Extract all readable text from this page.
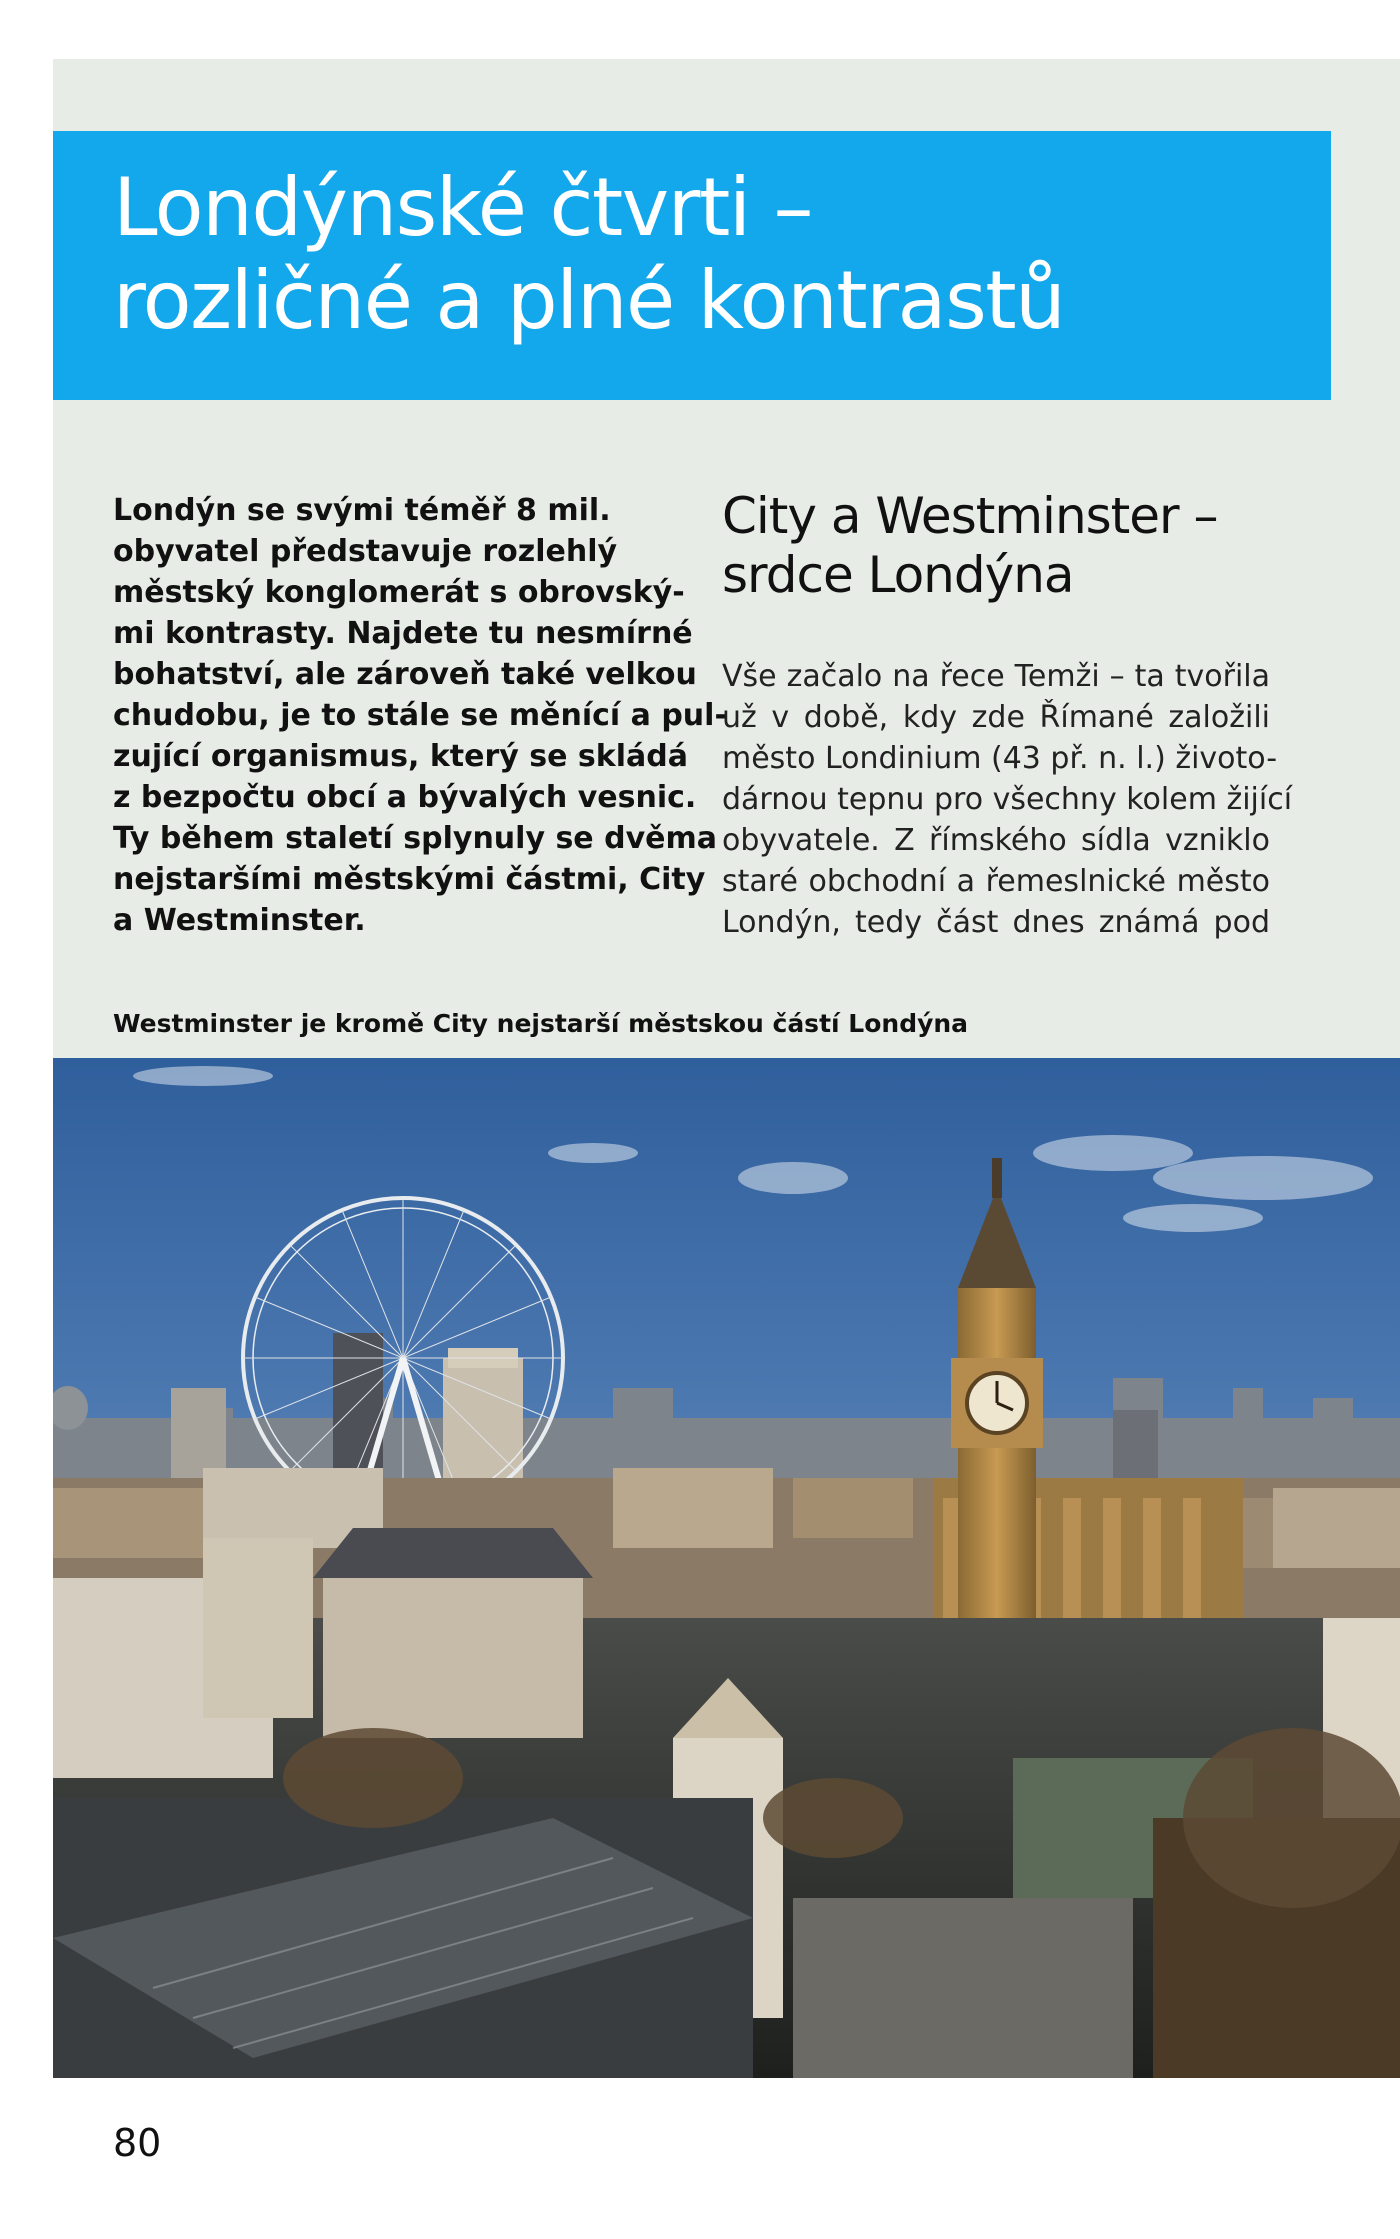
Londýnské čtvrti –
rozličné a plné kontrastů

Londýn se svými téměř 8 mil.
obyvatel představuje rozlehlý
městský konglomerát s obrovský-
mi kontrasty. Najdete tu nesmírné
bohatství, ale zároveň také velkou
chudobu, je to stále se měnící a pul-
zující organismus, který se skládá
z bezpočtu obcí a bývalých vesnic.
Ty během staletí splynuly se dvěma
nejstaršími městskými částmi, City
a Westminster.

City a Westminster –
srdce Londýna

Vše začalo na řece Temži – ta tvořila
už v době, kdy zde Římané založili
město Londinium (43 př. n. l.) životo-
dárnou tepnu pro všechny kolem žijící
obyvatele. Z římského sídla vzniklo
staré obchodní a řemeslnické město
Londýn, tedy část dnes známá pod

Westminster je kromě City nejstarší městskou částí Londýna

80
